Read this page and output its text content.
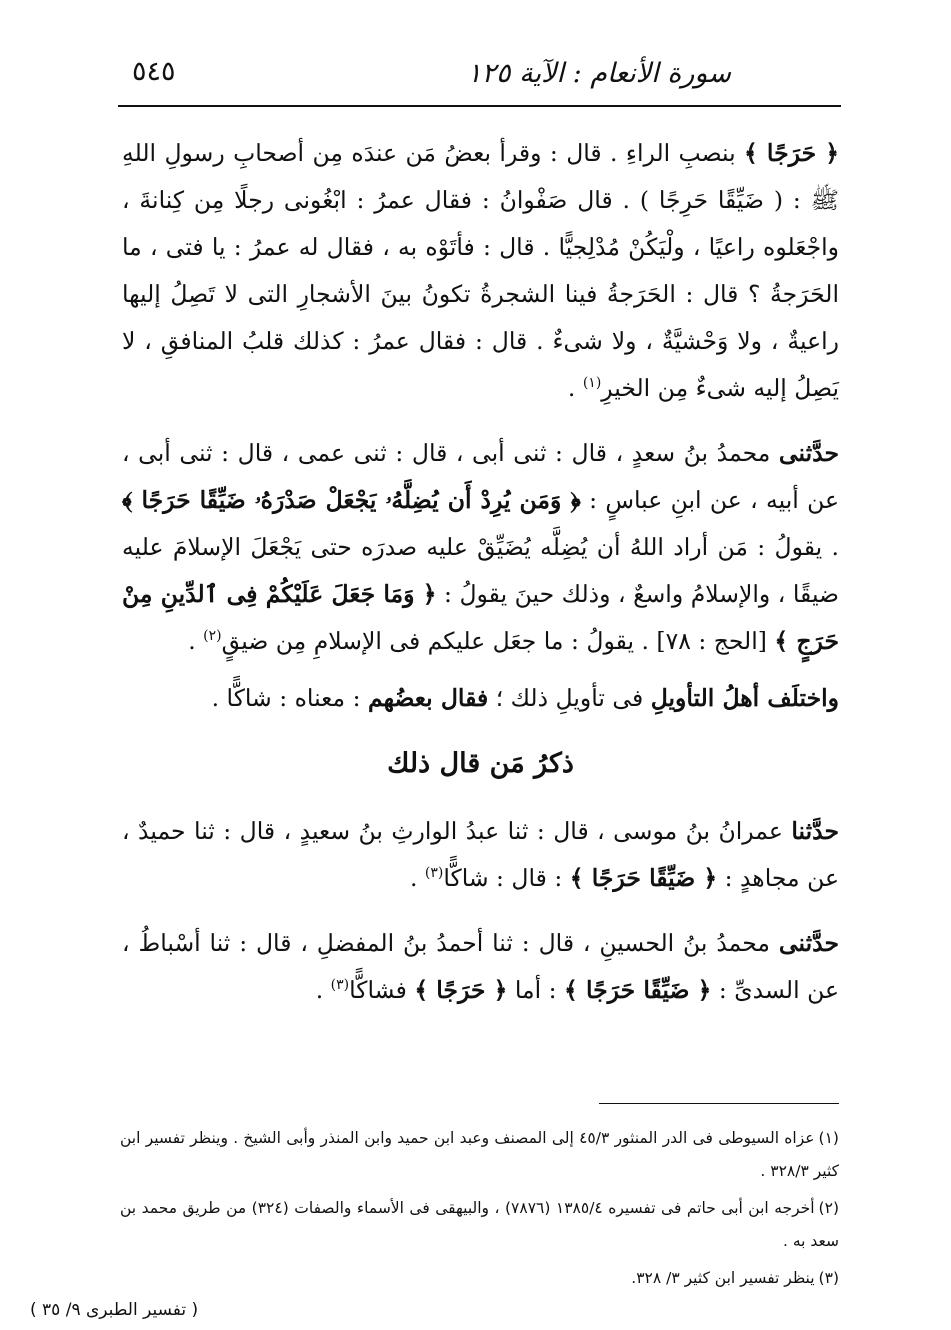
سورة الأنعام : الآية ١٢٥
٥٤٥

﴿ حَرَجًا ﴾ بنصبِ الراءِ . قال : وقرأ بعضُ مَن عندَه مِن أصحابِ رسولِ اللهِ ﷺ : ( ضَيِّقًا حَرِجًا ) . قال صَفْوانُ : فقال عمرُ : ابْغُونى رجلًا مِن كِنانةَ ، واجْعَلوه راعيًا ، ولْيَكُنْ مُدْلِجيًّا . قال : فأتَوْه به ، فقال له عمرُ : يا فتى ، ما الحَرَجةُ ؟ قال : الحَرَجةُ فينا الشجرةُ تكونُ بينَ الأشجارِ التى لا تَصِلُ إليها راعيةٌ ، ولا وَحْشيَّةٌ ، ولا شىءٌ . قال : فقال عمرُ : كذلك قلبُ المنافقِ ، لا يَصِلُ إليه شىءٌ مِن الخيرِ$^{(١)}$ .

حدَّثنى محمدُ بنُ سعدٍ ، قال : ثنى أبى ، قال : ثنى عمى ، قال : ثنى أبى ، عن أبيه ، عن ابنِ عباسٍ : ﴿ وَمَن يُرِدْ أَن يُضِلَّهُۥ يَجْعَلْ صَدْرَهُۥ ضَيِّقًا حَرَجًا ﴾ . يقولُ : مَن أراد اللهُ أن يُضِلَّه يُضَيِّقْ عليه صدرَه حتى يَجْعَلَ الإسلامَ عليه ضيقًا ، والإسلامُ واسعٌ ، وذلك حينَ يقولُ : ﴿ وَمَا جَعَلَ عَلَيْكُمْ فِى ٱلدِّينِ مِنْ حَرَجٍ ﴾ [الحج : ٧٨] . يقولُ : ما جعَل عليكم فى الإسلامِ مِن ضيقٍ$^{(٢)}$ .

واختلَف أهلُ التأويلِ فى تأويلِ ذلك ؛ فقال بعضُهم : معناه : شاكًّا .

ذكرُ مَن قال ذلك

حدَّثنا عمرانُ بنُ موسى ، قال : ثنا عبدُ الوارثِ بنُ سعيدٍ ، قال : ثنا حميدٌ ، عن مجاهدٍ : ﴿ ضَيِّقًا حَرَجًا ﴾ : قال : شاكًّا$^{(٣)}$ .

حدَّثنى محمدُ بنُ الحسينِ ، قال : ثنا أحمدُ بنُ المفضلِ ، قال : ثنا أسْباطُ ، عن السدىِّ : ﴿ ضَيِّقًا حَرَجًا ﴾ : أما ﴿ حَرَجًا ﴾ فشاكًّا$^{(٣)}$ .

(١)عزاه السيوطى فى الدر المنثور ٤٥/٣ إلى المصنف وعبد ابن حميد وابن المنذر وأبى الشيخ . وينظر تفسير ابن كثير ٣٢٨/٣ .

(٢)أخرجه ابن أبى حاتم فى تفسيره ١٣٨٥/٤ (٧٨٧٦) ، والبيهقى فى الأسماء والصفات (٣٢٤) من طريق محمد بن سعد به .

(٣)ينظر تفسير ابن كثير ٣/ ٣٢٨.

( تفسير الطبرى ٩/ ٣٥ )
